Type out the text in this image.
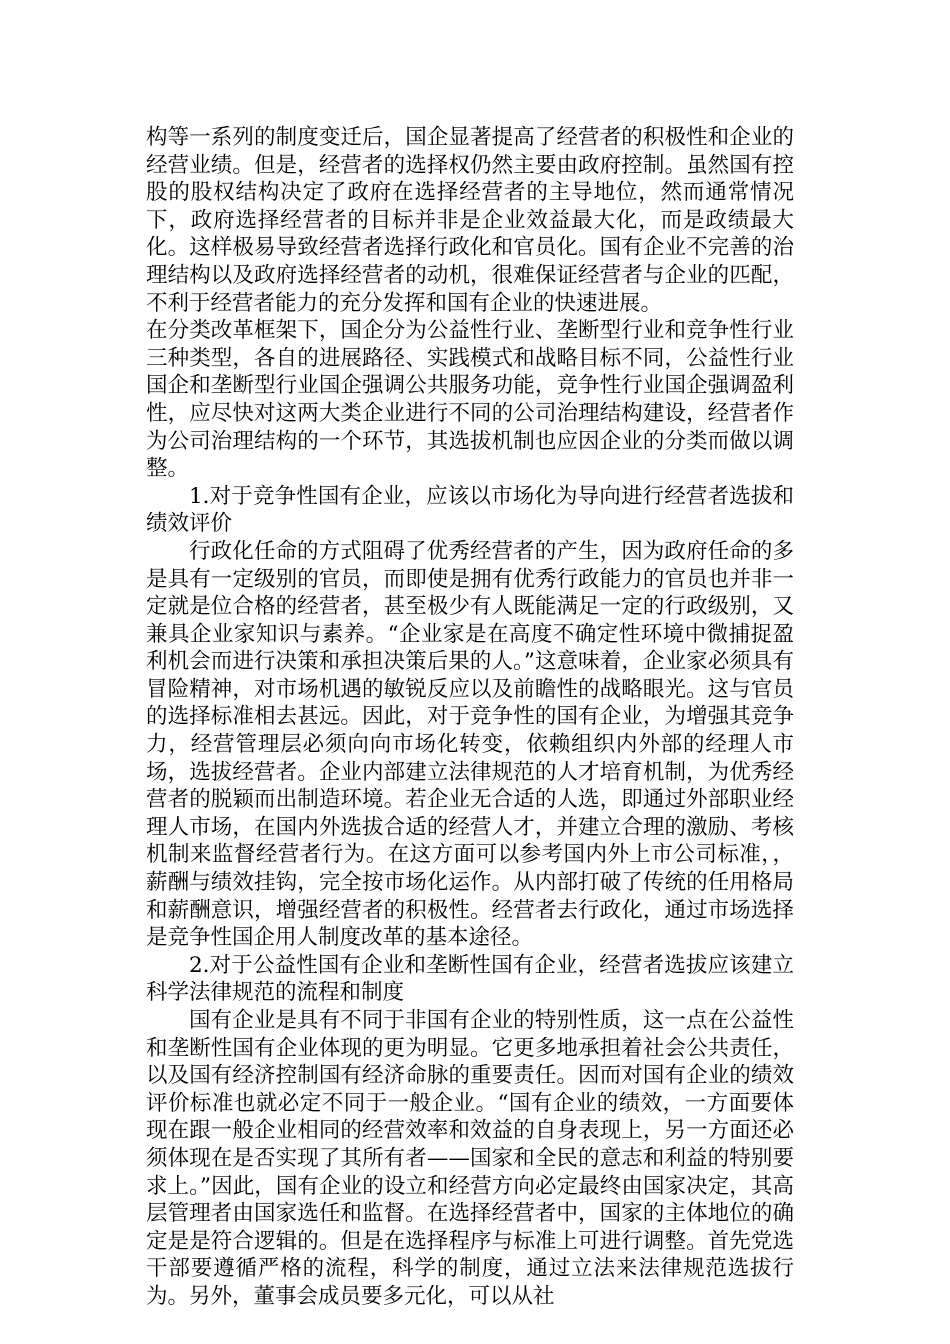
构等一系列的制度变迁后，国企显著提高了经营者的积极性和企业的经营业绩。但是，经营者的选择权仍然主要由政府控制。虽然国有控股的股权结构决定了政府在选择经营者的主导地位，然而通常情况下，政府选择经营者的目标并非是企业效益最大化，而是政绩最大化。这样极易导致经营者选择行政化和官员化。国有企业不完善的治理结构以及政府选择经营者的动机，很难保证经营者与企业的匹配，不利于经营者能力的充分发挥和国有企业的快速进展。

在分类改革框架下，国企分为公益性行业、垄断型行业和竞争性行业三种类型，各自的进展路径、实践模式和战略目标不同，公益性行业国企和垄断型行业国企强调公共服务功能，竞争性行业国企强调盈利性，应尽快对这两大类企业进行不同的公司治理结构建设，经营者作为公司治理结构的一个环节，其选拔机制也应因企业的分类而做以调整。

1.对于竞争性国有企业，应该以市场化为导向进行经营者选拔和绩效评价

行政化任命的方式阻碍了优秀经营者的产生，因为政府任命的多是具有一定级别的官员，而即使是拥有优秀行政能力的官员也并非一定就是位合格的经营者，甚至极少有人既能满足一定的行政级别，又兼具企业家知识与素养。“企业家是在高度不确定性环境中微捕捉盈利机会而进行决策和承担决策后果的人。”这意味着，企业家必须具有冒险精神，对市场机遇的敏锐反应以及前瞻性的战略眼光。这与官员的选择标准相去甚远。因此，对于竞争性的国有企业，为增强其竞争力，经营管理层必须向向市场化转变，依赖组织内外部的经理人市场，选拔经营者。企业内部建立法律规范的人才培育机制，为优秀经营者的脱颖而出制造环境。若企业无合适的人选，即通过外部职业经理人市场，在国内外选拔合适的经营人才，并建立合理的激励、考核机制来监督经营者行为。在这方面可以参考国内外上市公司标准，，薪酬与绩效挂钩，完全按市场化运作。从内部打破了传统的任用格局和薪酬意识，增强经营者的积极性。经营者去行政化，通过市场选择是竞争性国企用人制度改革的基本途径。

2.对于公益性国有企业和垄断性国有企业，经营者选拔应该建立科学法律规范的流程和制度

国有企业是具有不同于非国有企业的特别性质，这一点在公益性和垄断性国有企业体现的更为明显。它更多地承担着社会公共责任，以及国有经济控制国有经济命脉的重要责任。因而对国有企业的绩效评价标准也就必定不同于一般企业。“国有企业的绩效，一方面要体现在跟一般企业相同的经营效率和效益的自身表现上，另一方面还必须体现在是否实现了其所有者——国家和全民的意志和利益的特别要求上。”因此，国有企业的设立和经营方向必定最终由国家决定，其高层管理者由国家选任和监督。在选择经营者中，国家的主体地位的确定是是符合逻辑的。但是在选择程序与标准上可进行调整。首先党选干部要遵循严格的流程，科学的制度，通过立法来法律规范选拔行为。另外，董事会成员要多元化，可以从社
